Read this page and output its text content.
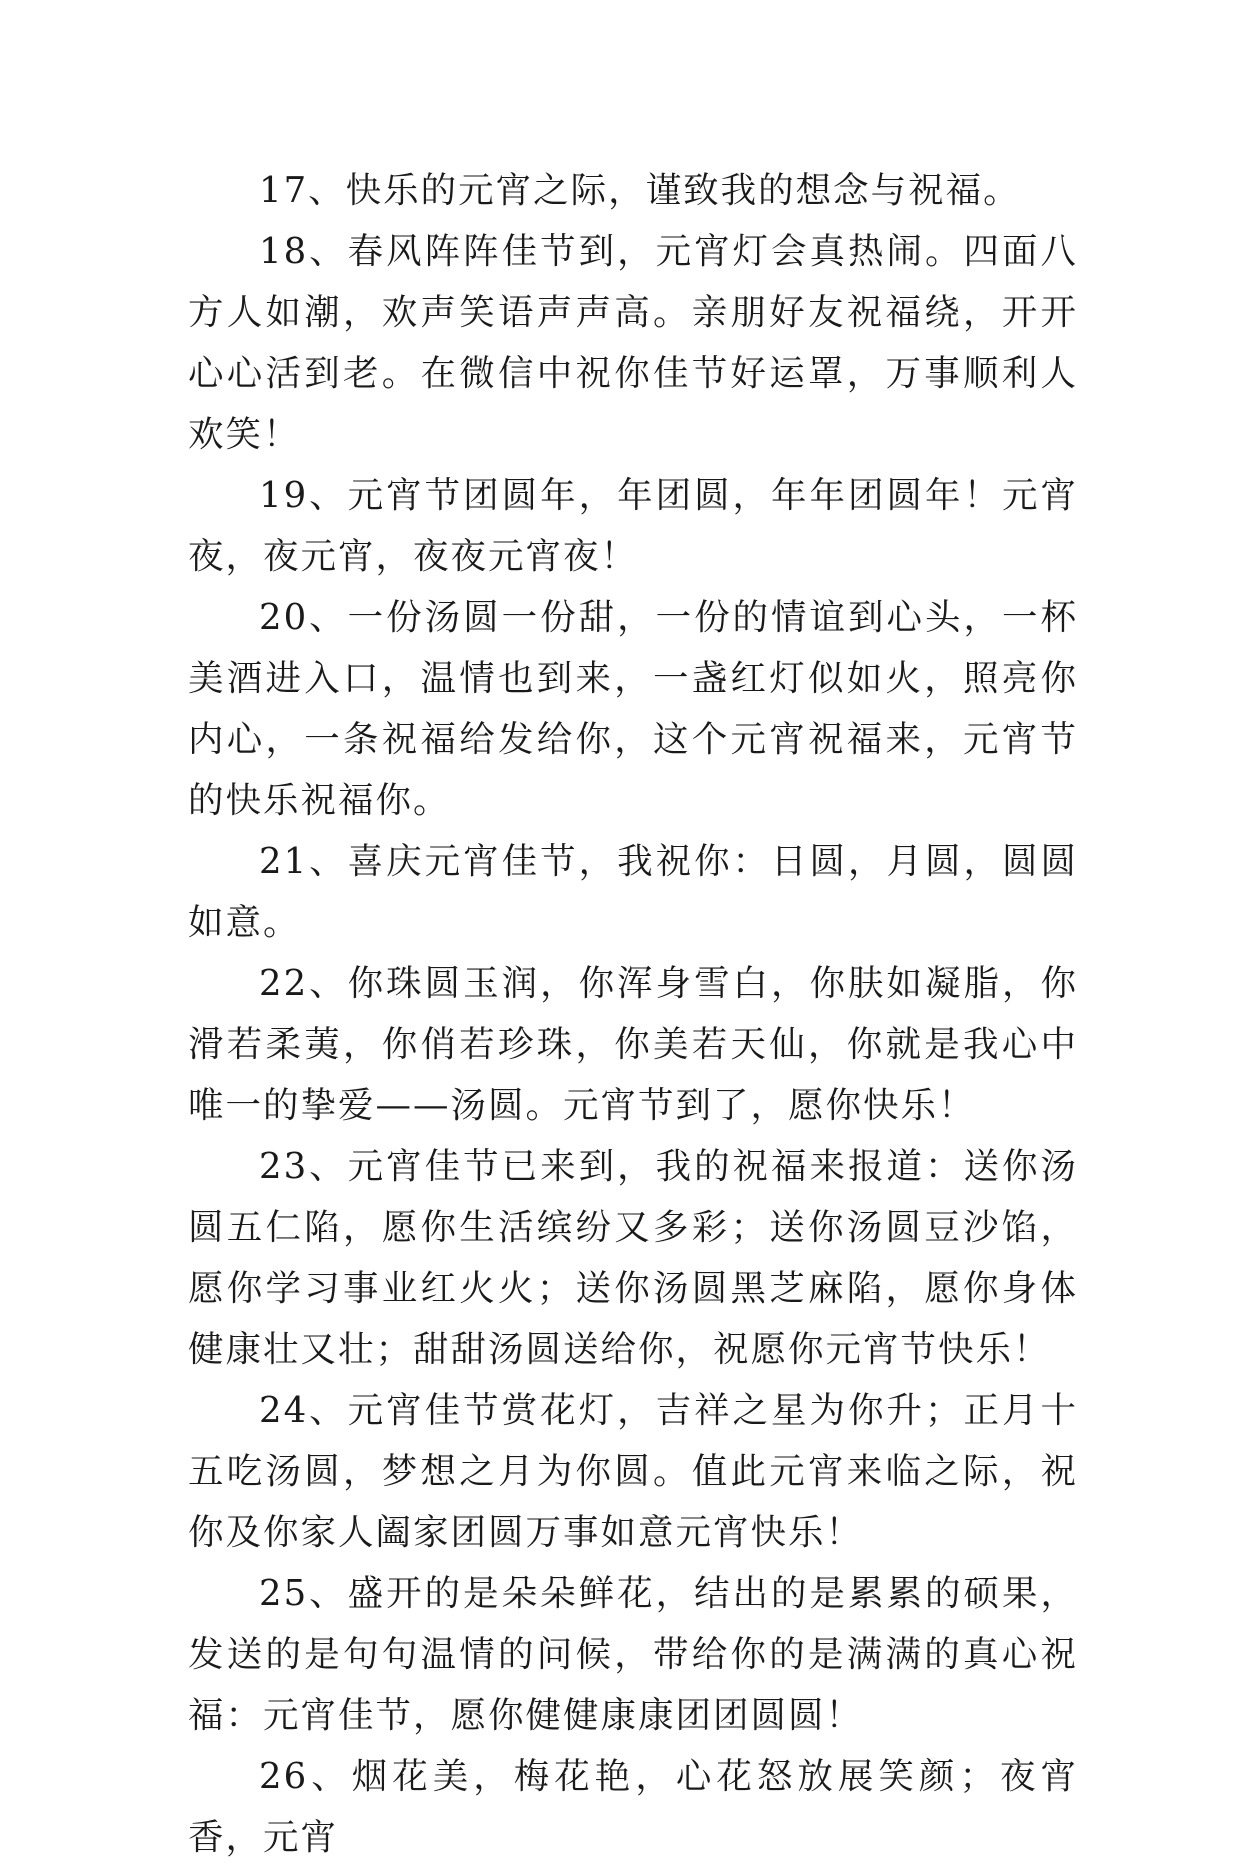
17、快乐的元宵之际，谨致我的想念与祝福。

18、春风阵阵佳节到，元宵灯会真热闹。四面八方人如潮，欢声笑语声声高。亲朋好友祝福绕，开开心心活到老。在微信中祝你佳节好运罩，万事顺利人欢笑！

19、元宵节团圆年，年团圆，年年团圆年！元宵夜，夜元宵，夜夜元宵夜！

20、一份汤圆一份甜，一份的情谊到心头，一杯美酒进入口，温情也到来，一盏红灯似如火，照亮你内心，一条祝福给发给你，这个元宵祝福来，元宵节的快乐祝福你。

21、喜庆元宵佳节，我祝你：日圆，月圆，圆圆如意。

22、你珠圆玉润，你浑身雪白，你肤如凝脂，你滑若柔荑，你俏若珍珠，你美若天仙，你就是我心中唯一的挚爱——汤圆。元宵节到了，愿你快乐！

23、元宵佳节已来到，我的祝福来报道：送你汤圆五仁陷，愿你生活缤纷又多彩；送你汤圆豆沙馅，愿你学习事业红火火；送你汤圆黑芝麻陷，愿你身体健康壮又壮；甜甜汤圆送给你，祝愿你元宵节快乐！

24、元宵佳节赏花灯，吉祥之星为你升；正月十五吃汤圆，梦想之月为你圆。值此元宵来临之际，祝你及你家人阖家团圆万事如意元宵快乐！

25、盛开的是朵朵鲜花，结出的是累累的硕果，发送的是句句温情的问候，带给你的是满满的真心祝福：元宵佳节，愿你健健康康团团圆圆！

26、烟花美，梅花艳，心花怒放展笑颜；夜宵香，元宵
